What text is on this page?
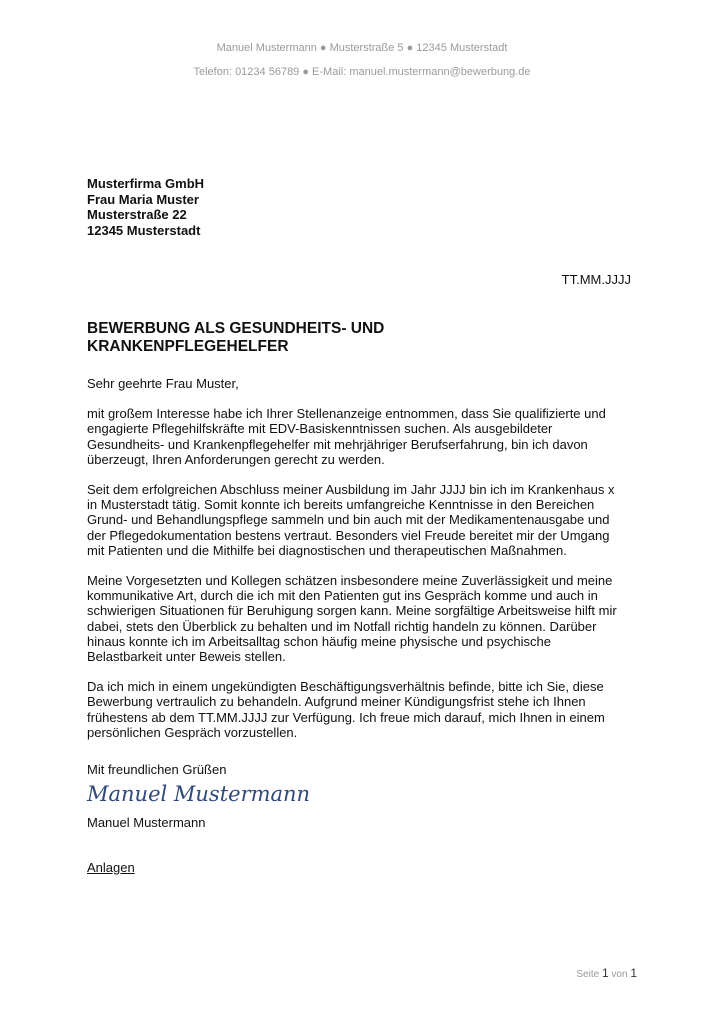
Manuel Mustermann ● Musterstraße 5 ● 12345 Musterstadt
Telefon: 01234 56789 ● E-Mail: manuel.mustermann@bewerbung.de
Musterfirma GmbH
Frau Maria Muster
Musterstraße 22
12345 Musterstadt
TT.MM.JJJJ
BEWERBUNG ALS GESUNDHEITS- UND
KRANKENPFLEGEHELFER

Sehr geehrte Frau Muster,

mit großem Interesse habe ich Ihrer Stellenanzeige entnommen, dass Sie qualifizierte und
engagierte Pflegehilfskräfte mit EDV-Basiskenntnissen suchen. Als ausgebildeter
Gesundheits- und Krankenpflegehelfer mit mehrjähriger Berufserfahrung, bin ich davon
überzeugt, Ihren Anforderungen gerecht zu werden.

Seit dem erfolgreichen Abschluss meiner Ausbildung im Jahr JJJJ bin ich im Krankenhaus x
in Musterstadt tätig. Somit konnte ich bereits umfangreiche Kenntnisse in den Bereichen
Grund- und Behandlungspflege sammeln und bin auch mit der Medikamentenausgabe und
der Pflegedokumentation bestens vertraut. Besonders viel Freude bereitet mir der Umgang
mit Patienten und die Mithilfe bei diagnostischen und therapeutischen Maßnahmen.

Meine Vorgesetzten und Kollegen schätzen insbesondere meine Zuverlässigkeit und meine
kommunikative Art, durch die ich mit den Patienten gut ins Gespräch komme und auch in
schwierigen Situationen für Beruhigung sorgen kann. Meine sorgfältige Arbeitsweise hilft mir
dabei, stets den Überblick zu behalten und im Notfall richtig handeln zu können. Darüber
hinaus konnte ich im Arbeitsalltag schon häufig meine physische und psychische
Belastbarkeit unter Beweis stellen.

Da ich mich in einem ungekündigten Beschäftigungsverhältnis befinde, bitte ich Sie, diese
Bewerbung vertraulich zu behandeln. Aufgrund meiner Kündigungsfrist stehe ich Ihnen
frühestens ab dem TT.MM.JJJJ zur Verfügung. Ich freue mich darauf, mich Ihnen in einem
persönlichen Gespräch vorzustellen.

Mit freundlichen Grüßen
Manuel Mustermann
Manuel Mustermann
Anlagen
Seite 1 von 1
